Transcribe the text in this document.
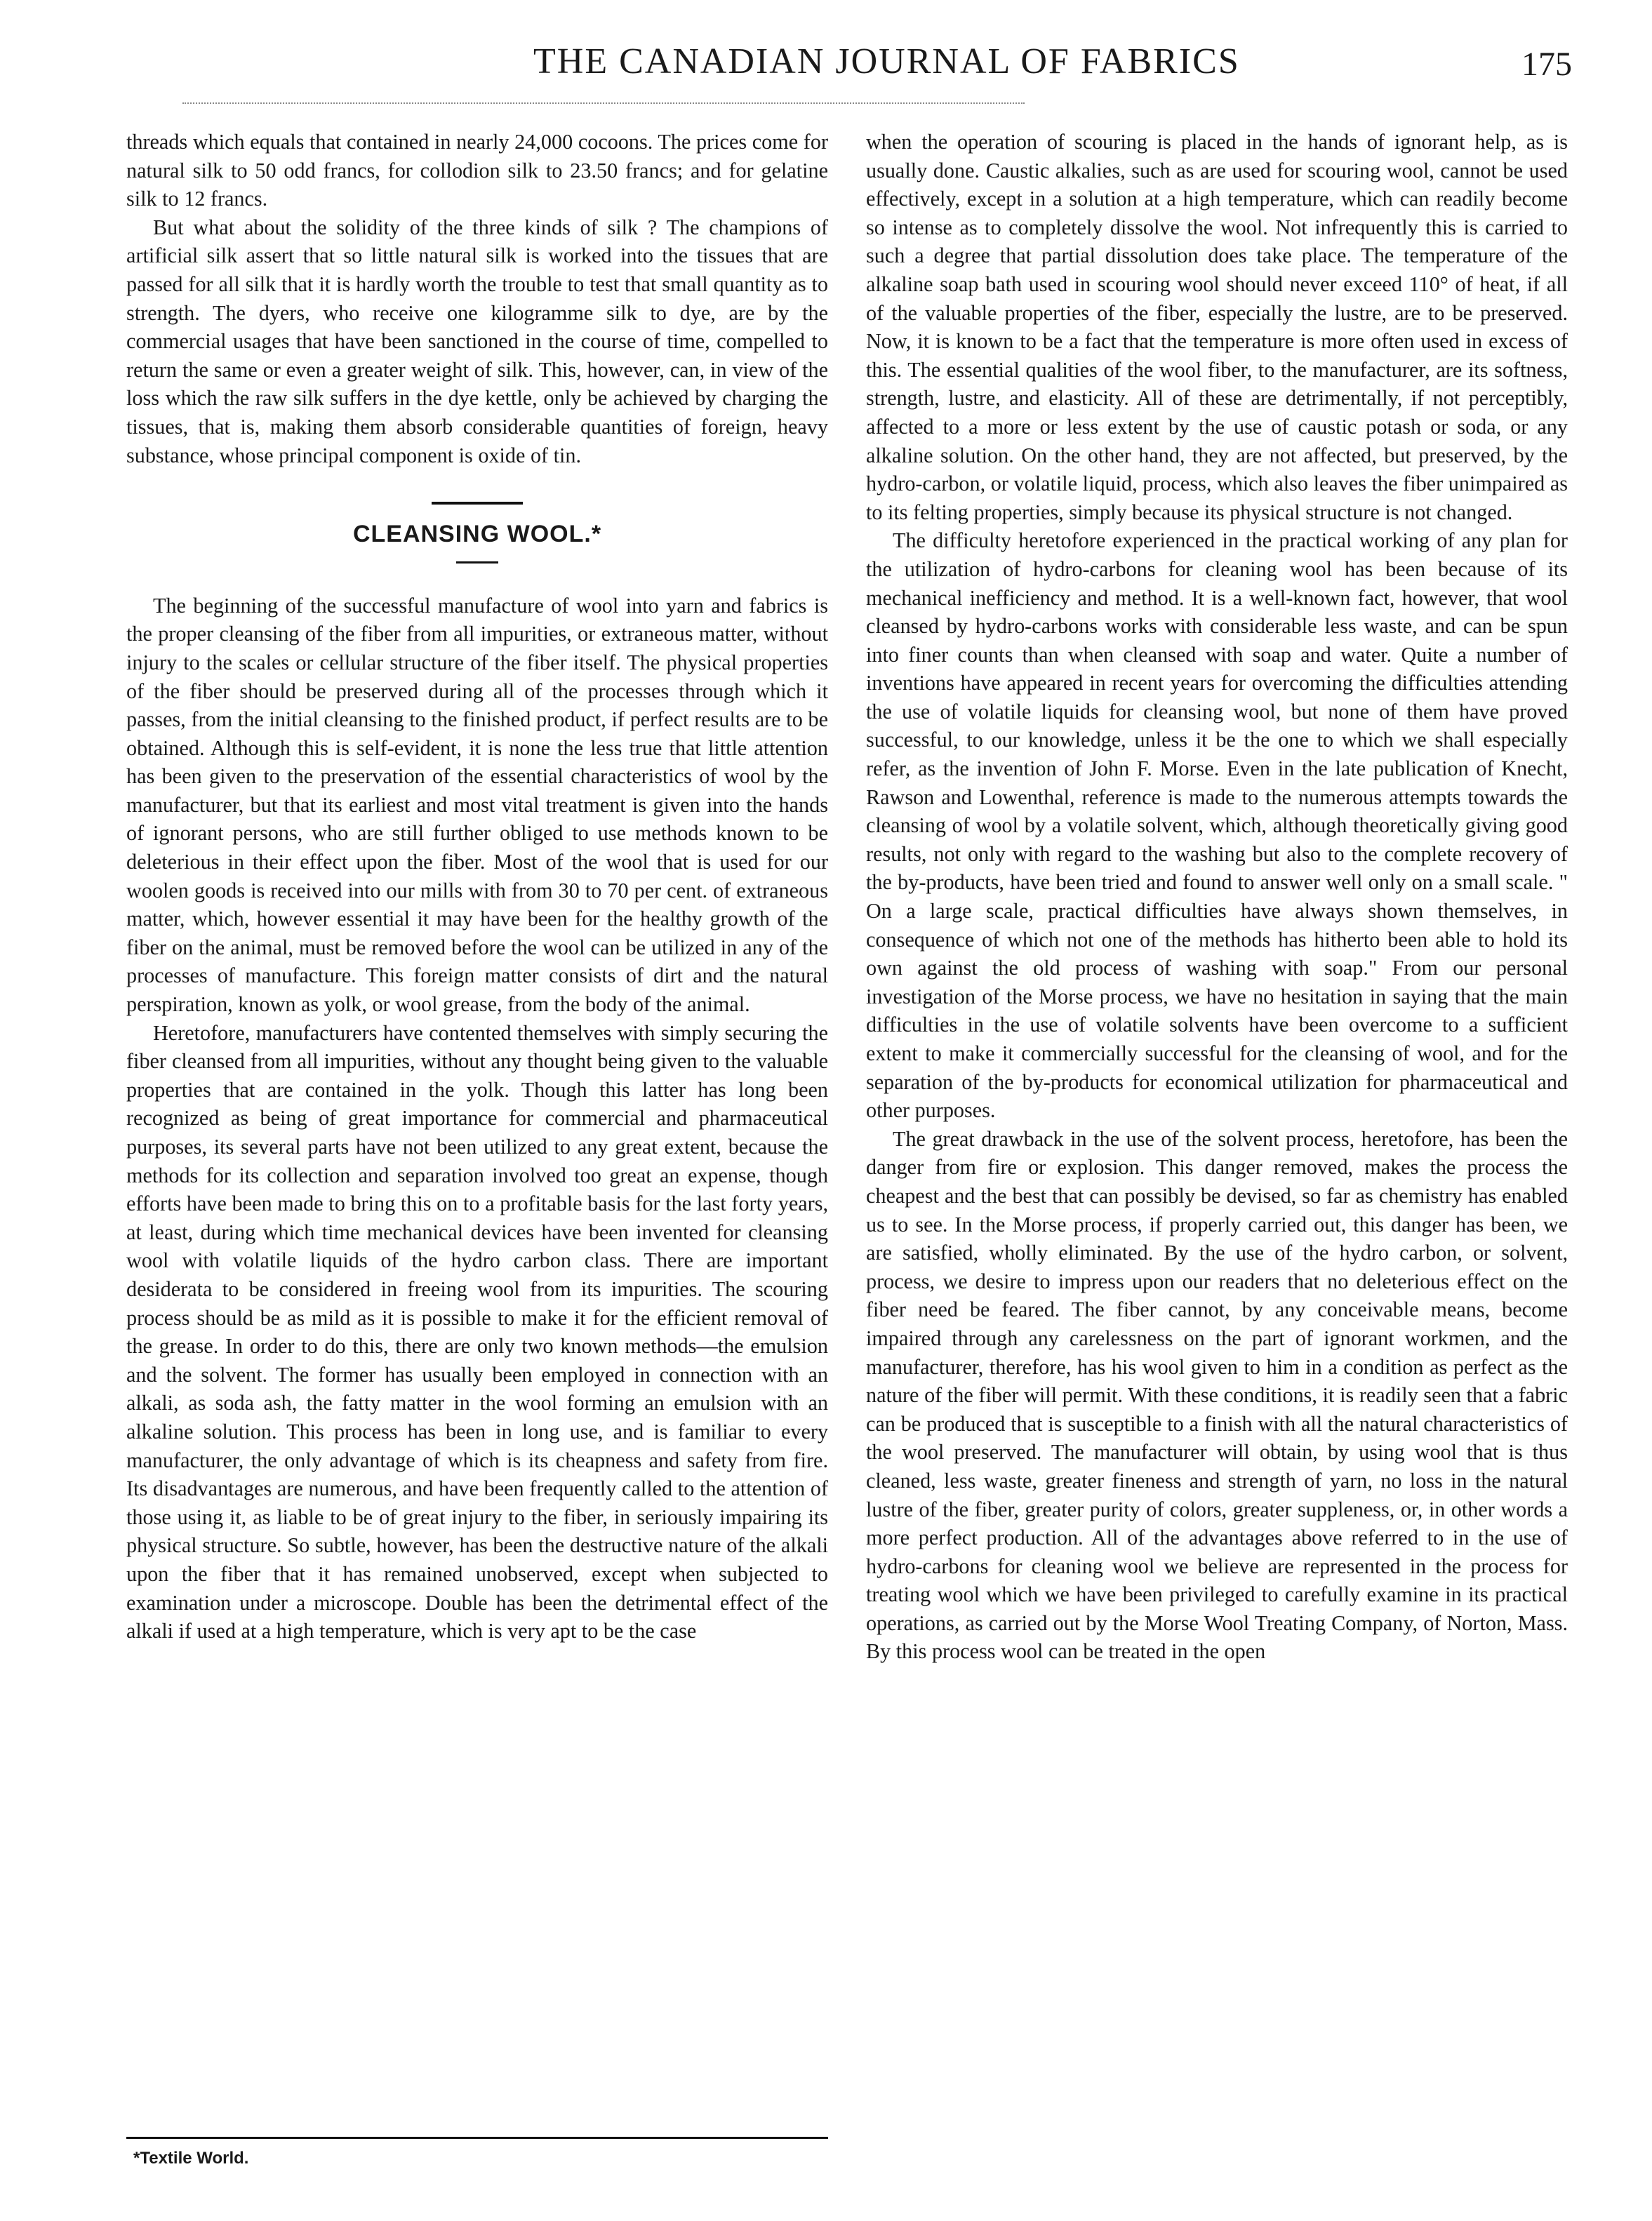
THE CANADIAN JOURNAL OF FABRICS	175

threads which equals that contained in nearly 24,000 cocoons. The prices come for natural silk to 50 odd francs, for collodion silk to 23.50 francs; and for gelatine silk to 12 francs.

But what about the solidity of the three kinds of silk ? The champions of artificial silk assert that so little natural silk is worked into the tissues that are passed for all silk that it is hardly worth the trouble to test that small quantity as to strength. The dyers, who receive one kilogramme silk to dye, are by the commercial usages that have been sanctioned in the course of time, compelled to return the same or even a greater weight of silk. This, however, can, in view of the loss which the raw silk suffers in the dye kettle, only be achieved by charging the tissues, that is, making them absorb considerable quantities of foreign, heavy substance, whose principal component is oxide of tin.

CLEANSING WOOL.*

The beginning of the successful manufacture of wool into yarn and fabrics is the proper cleansing of the fiber from all impurities, or extraneous matter, without injury to the scales or cellular structure of the fiber itself. The physical properties of the fiber should be preserved during all of the processes through which it passes, from the initial cleansing to the finished product, if perfect results are to be obtained. Although this is self-evident, it is none the less true that little attention has been given to the preservation of the essential characteristics of wool by the manufacturer, but that its earliest and most vital treatment is given into the hands of ignorant persons, who are still further obliged to use methods known to be deleterious in their effect upon the fiber. Most of the wool that is used for our woolen goods is received into our mills with from 30 to 70 per cent. of extraneous matter, which, however essential it may have been for the healthy growth of the fiber on the animal, must be removed before the wool can be utilized in any of the processes of manufacture. This foreign matter consists of dirt and the natural perspiration, known as yolk, or wool grease, from the body of the animal.

Heretofore, manufacturers have contented themselves with simply securing the fiber cleansed from all impurities, without any thought being given to the valuable properties that are contained in the yolk. Though this latter has long been recognized as being of great importance for commercial and pharmaceutical purposes, its several parts have not been utilized to any great extent, because the methods for its collection and separation involved too great an expense, though efforts have been made to bring this on to a profitable basis for the last forty years, at least, during which time mechanical devices have been invented for cleansing wool with volatile liquids of the hydro carbon class. There are important desiderata to be considered in freeing wool from its impurities. The scouring process should be as mild as it is possible to make it for the efficient removal of the grease. In order to do this, there are only two known methods—the emulsion and the solvent. The former has usually been employed in connection with an alkali, as soda ash, the fatty matter in the wool forming an emulsion with an alkaline solution. This process has been in long use, and is familiar to every manufacturer, the only advantage of which is its cheapness and safety from fire. Its disadvantages are numerous, and have been frequently called to the attention of those using it, as liable to be of great injury to the fiber, in seriously impairing its physical structure. So subtle, however, has been the destructive nature of the alkali upon the fiber that it has remained unobserved, except when subjected to examination under a microscope. Double has been the detrimental effect of the alkali if used at a high temperature, which is very apt to be the case

when the operation of scouring is placed in the hands of ignorant help, as is usually done. Caustic alkalies, such as are used for scouring wool, cannot be used effectively, except in a solution at a high temperature, which can readily become so intense as to completely dissolve the wool. Not infrequently this is carried to such a degree that partial dissolution does take place. The temperature of the alkaline soap bath used in scouring wool should never exceed 110° of heat, if all of the valuable properties of the fiber, especially the lustre, are to be preserved. Now, it is known to be a fact that the temperature is more often used in excess of this. The essential qualities of the wool fiber, to the manufacturer, are its softness, strength, lustre, and elasticity. All of these are detrimentally, if not perceptibly, affected to a more or less extent by the use of caustic potash or soda, or any alkaline solution. On the other hand, they are not affected, but preserved, by the hydro-carbon, or volatile liquid, process, which also leaves the fiber unimpaired as to its felting properties, simply because its physical structure is not changed.

The difficulty heretofore experienced in the practical working of any plan for the utilization of hydro-carbons for cleaning wool has been because of its mechanical inefficiency and method. It is a well-known fact, however, that wool cleansed by hydro-carbons works with considerable less waste, and can be spun into finer counts than when cleansed with soap and water. Quite a number of inventions have appeared in recent years for overcoming the difficulties attending the use of volatile liquids for cleansing wool, but none of them have proved successful, to our knowledge, unless it be the one to which we shall especially refer, as the invention of John F. Morse. Even in the late publication of Knecht, Rawson and Lowenthal, reference is made to the numerous attempts towards the cleansing of wool by a volatile solvent, which, although theoretically giving good results, not only with regard to the washing but also to the complete recovery of the by-products, have been tried and found to answer well only on a small scale. " On a large scale, practical difficulties have always shown themselves, in consequence of which not one of the methods has hitherto been able to hold its own against the old process of washing with soap." From our personal investigation of the Morse process, we have no hesitation in saying that the main difficulties in the use of volatile solvents have been overcome to a sufficient extent to make it commercially successful for the cleansing of wool, and for the separation of the by-products for economical utilization for pharmaceutical and other purposes.

The great drawback in the use of the solvent process, heretofore, has been the danger from fire or explosion. This danger removed, makes the process the cheapest and the best that can possibly be devised, so far as chemistry has enabled us to see. In the Morse process, if properly carried out, this danger has been, we are satisfied, wholly eliminated. By the use of the hydro carbon, or solvent, process, we desire to impress upon our readers that no deleterious effect on the fiber need be feared. The fiber cannot, by any conceivable means, become impaired through any carelessness on the part of ignorant workmen, and the manufacturer, therefore, has his wool given to him in a condition as perfect as the nature of the fiber will permit. With these conditions, it is readily seen that a fabric can be produced that is susceptible to a finish with all the natural characteristics of the wool preserved. The manufacturer will obtain, by using wool that is thus cleaned, less waste, greater fineness and strength of yarn, no loss in the natural lustre of the fiber, greater purity of colors, greater suppleness, or, in other words a more perfect production. All of the advantages above referred to in the use of hydro-carbons for cleaning wool we believe are represented in the process for treating wool which we have been privileged to carefully examine in its practical operations, as carried out by the Morse Wool Treating Company, of Norton, Mass. By this process wool can be treated in the open

*Textile World.
